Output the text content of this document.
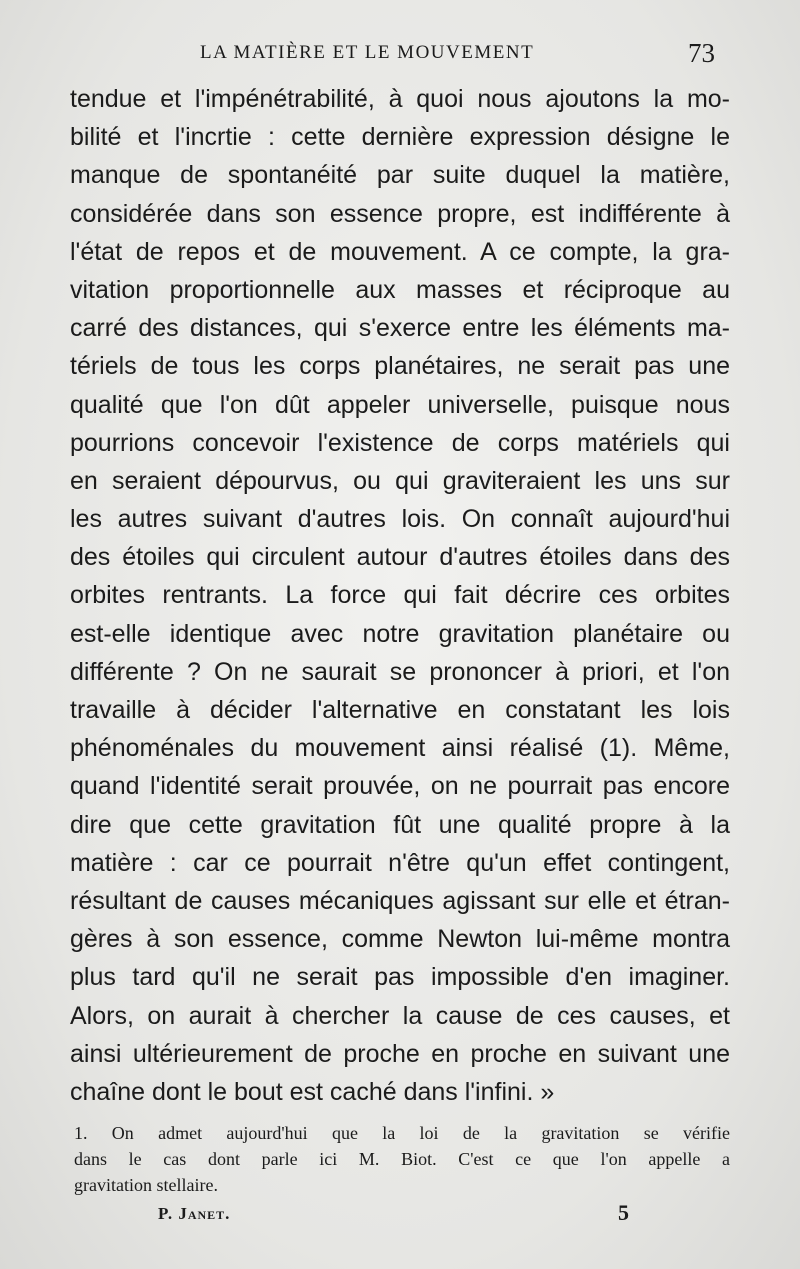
LA MATIÈRE ET LE MOUVEMENT	73
tendue et l'impénétrabilité, à quoi nous ajoutons la mo-
bilité et l'incrtie : cette dernière expression désigne le
manque de spontanéité par suite duquel la matière,
considérée dans son essence propre, est indifférente à
l'état de repos et de mouvement. A ce compte, la gra-
vitation proportionnelle aux masses et réciproque au
carré des distances, qui s'exerce entre les éléments ma-
tériels de tous les corps planétaires, ne serait pas une
qualité que l'on dût appeler universelle, puisque nous
pourrions concevoir l'existence de corps matériels qui
en seraient dépourvus, ou qui graviteraient les uns sur
les autres suivant d'autres lois. On connaît aujourd'hui
des étoiles qui circulent autour d'autres étoiles dans des
orbites rentrants. La force qui fait décrire ces orbites
est-elle identique avec notre gravitation planétaire ou
différente ? On ne saurait se prononcer à priori, et l'on
travaille à décider l'alternative en constatant les lois
phénoménales du mouvement ainsi réalisé (1). Même,
quand l'identité serait prouvée, on ne pourrait pas encore
dire que cette gravitation fût une qualité propre à la
matière : car ce pourrait n'être qu'un effet contingent,
résultant de causes mécaniques agissant sur elle et étran-
gères à son essence, comme Newton lui-même montra
plus tard qu'il ne serait pas impossible d'en imaginer.
Alors, on aurait à chercher la cause de ces causes, et
ainsi ultérieurement de proche en proche en suivant une
chaîne dont le bout est caché dans l'infini. »
1. On admet aujourd'hui que la loi de la gravitation se vérifie
dans le cas dont parle ici M. Biot. C'est ce que l'on appelle a
gravitation stellaire.
P. Janet.	5
